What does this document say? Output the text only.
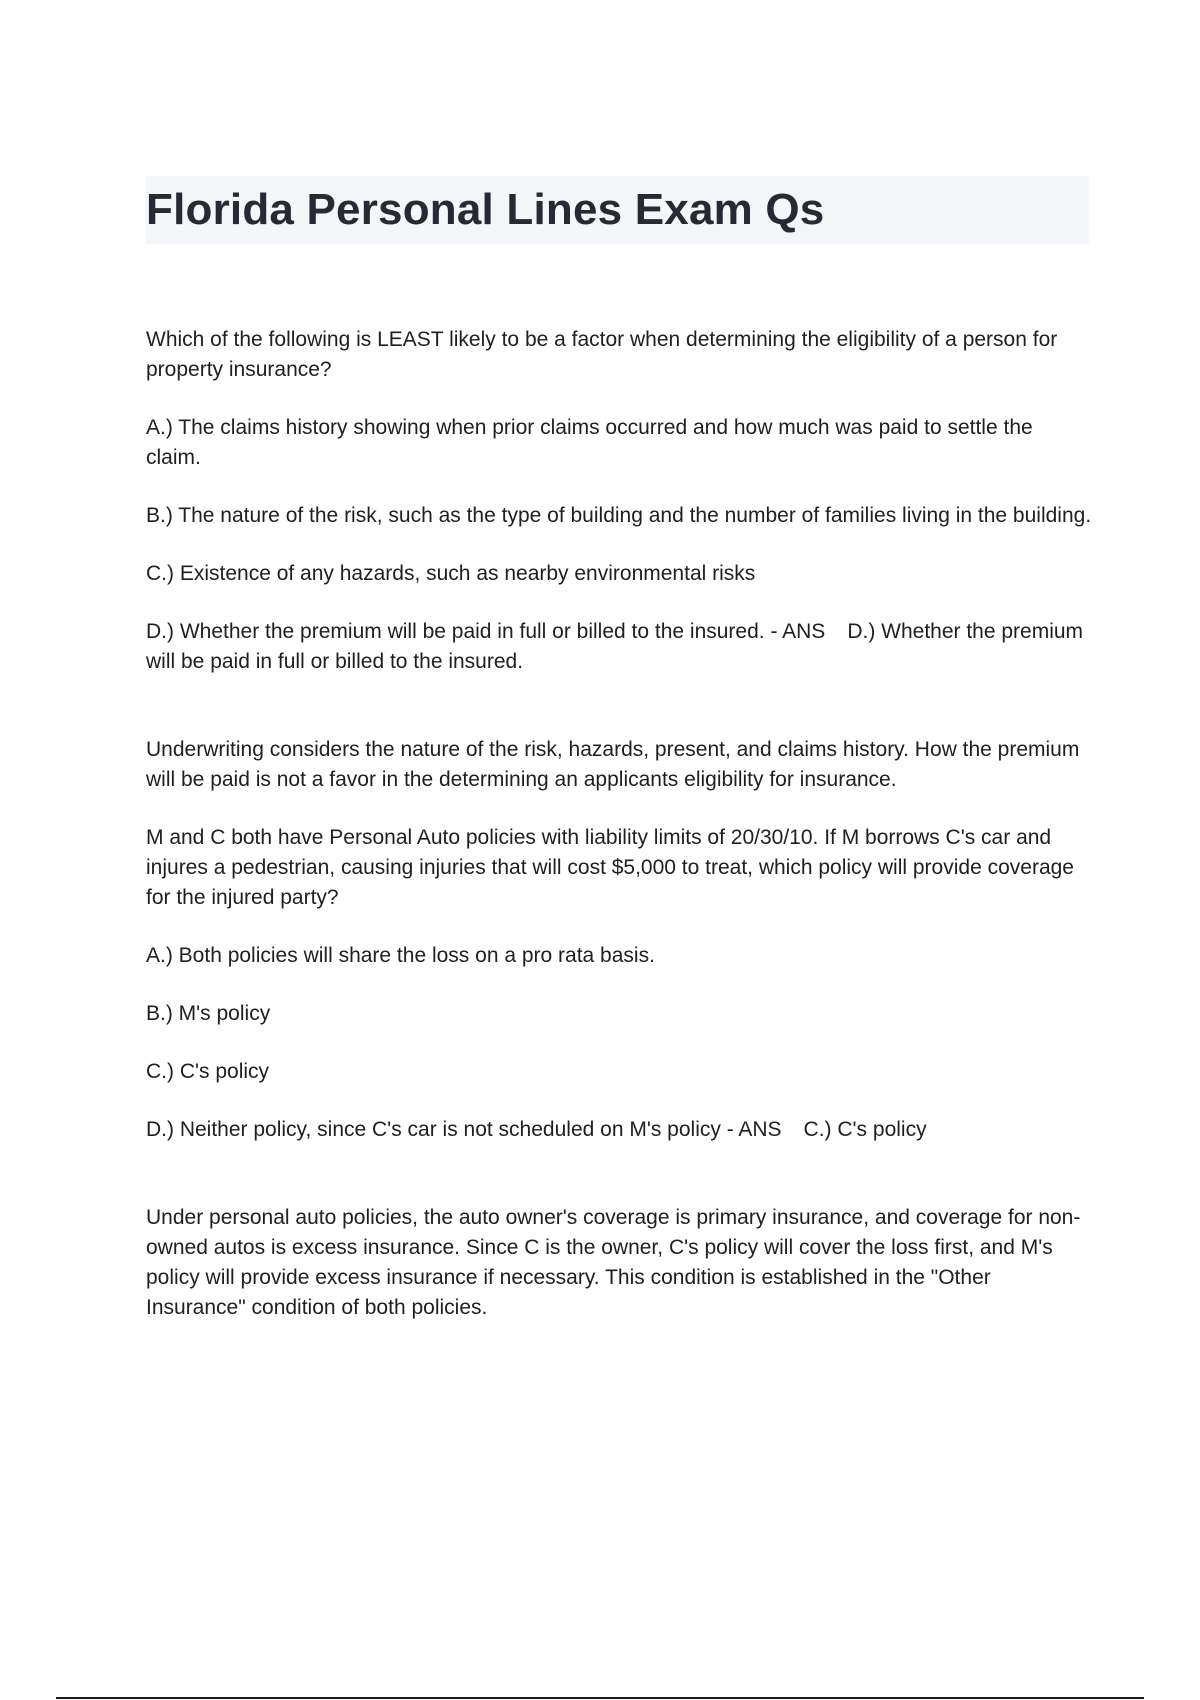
Florida Personal Lines Exam Qs

Which of the following is LEAST likely to be a factor when determining the eligibility of a person for property insurance?

A.) The claims history showing when prior claims occurred and how much was paid to settle the claim.

B.) The nature of the risk, such as the type of building and the number of families living in the building.

C.) Existence of any hazards, such as nearby environmental risks

D.) Whether the premium will be paid in full or billed to the insured. - ANS D.) Whether the premium will be paid in full or billed to the insured.

Underwriting considers the nature of the risk, hazards, present, and claims history. How the premium will be paid is not a favor in the determining an applicants eligibility for insurance.

M and C both have Personal Auto policies with liability limits of 20/30/10. If M borrows C's car and injures a pedestrian, causing injuries that will cost $5,000 to treat, which policy will provide coverage for the injured party?

A.) Both policies will share the loss on a pro rata basis.

B.) M's policy

C.) C's policy

D.) Neither policy, since C's car is not scheduled on M's policy - ANS C.) C's policy

Under personal auto policies, the auto owner's coverage is primary insurance, and coverage for non-owned autos is excess insurance. Since C is the owner, C's policy will cover the loss first, and M's policy will provide excess insurance if necessary. This condition is established in the "Other Insurance" condition of both policies.
